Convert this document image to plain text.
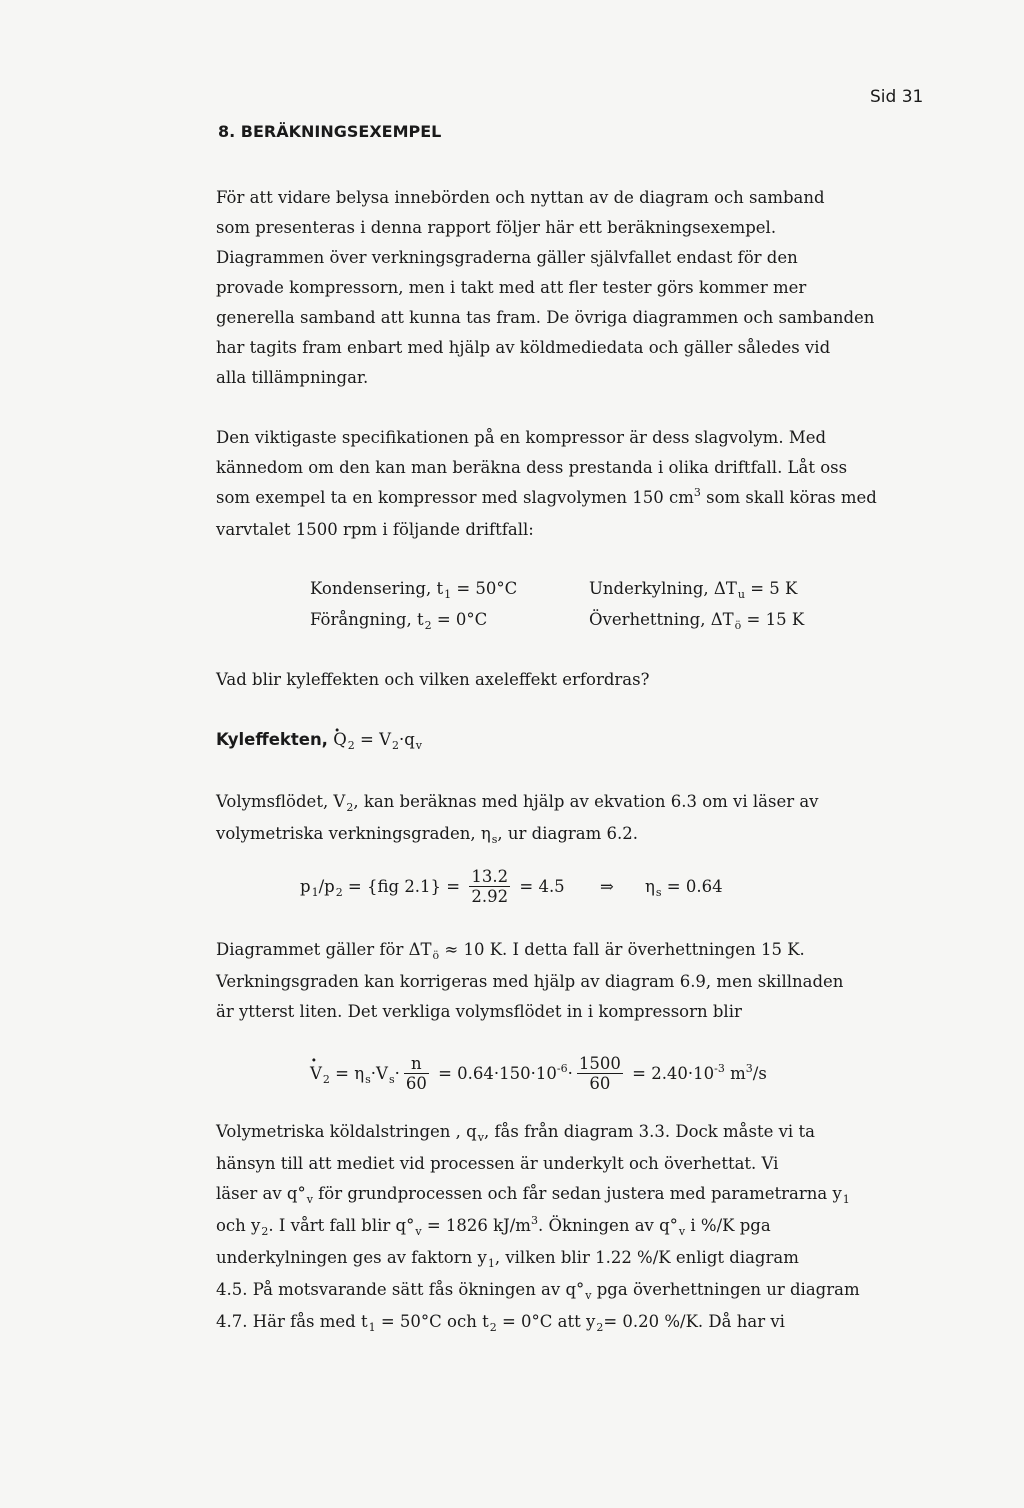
Sid 31
8. BERÄKNINGSEXEMPEL
För att vidare belysa innebörden och nyttan av de diagram och samband
som presenteras i denna rapport följer här ett beräkningsexempel.
Diagrammen över verkningsgraderna gäller självfallet endast för den
provade kompressorn, men i takt med att fler tester görs kommer mer
generella samband att kunna tas fram. De övriga diagrammen och sambanden
har tagits fram enbart med hjälp av köldmediedata och gäller således vid
alla tillämpningar.
Den viktigaste specifikationen på en kompressor är dess slagvolym. Med
kännedom om den kan man beräkna dess prestanda i olika driftfall. Låt oss
som exempel ta en kompressor med slagvolymen 150 $cm^3$ som skall köras med
varvtalet 1500 rpm i följande driftfall:
Kondensering, $t_1 = 50^\circ C$
Förångning, $t_2 = 0^\circ C$
Underkylning, $\Delta T_u = 5$ K
Överhettning, $\Delta T_ö = 15$ K
Vad blir kyleffekten och vilken axeleffekt erfordras?
Kyleffekten, · $Q_2 = V_2\cdot q_v$
Volymsflödet, $V_2$, kan beräknas med hjälp av ekvation 6.3 om vi läser av
volymetriska verkningsgraden, $\eta_s$, ur diagram 6.2.
$p_1/p_2 = \{fig$ $2.1\} = \frac{13.2}{2.92} = 4.5$ ⇒ $\eta_s = 0.64$
Diagrammet gäller för $\Delta T_ö \approx 10$ K. I detta fall är överhettningen 15 K.
Verkningsgraden kan korrigeras med hjälp av diagram 6.9, men skillnaden
är ytterst liten. Det verkliga volymsflödet in i kompressorn blir
· $V_2 = \eta_s\cdot V_s\cdot \frac{n}{60} = 0.64\cdot 150\cdot 10^{-6}\cdot \frac{1500}{60} = 2.40\cdot 10^{-3}$ $m^3/s$
Volymetriska köldalstringen , $q_v$, fås från diagram 3.3. Dock måste vi ta
hänsyn till att mediet vid processen är underkylt och överhettat. Vi
läser av $q^\circ_v$ för grundprocessen och får sedan justera med parametrarna $y_1$
och $y_2$. I vårt fall blir $q^\circ_v = 1826$ $kJ/m^3$. Ökningen av $q^\circ_v$ i %/K pga
underkylningen ges av faktorn $y_1$, vilken blir 1.22 %/K enligt diagram
4.5. På motsvarande sätt fås ökningen av $q^\circ_v$ pga överhettningen ur diagram
4.7. Här fås med $t_1 = 50^\circ C$ och $t_2 = 0^\circ C$ att $y_2= 0.20$ %/K. Då har vi
